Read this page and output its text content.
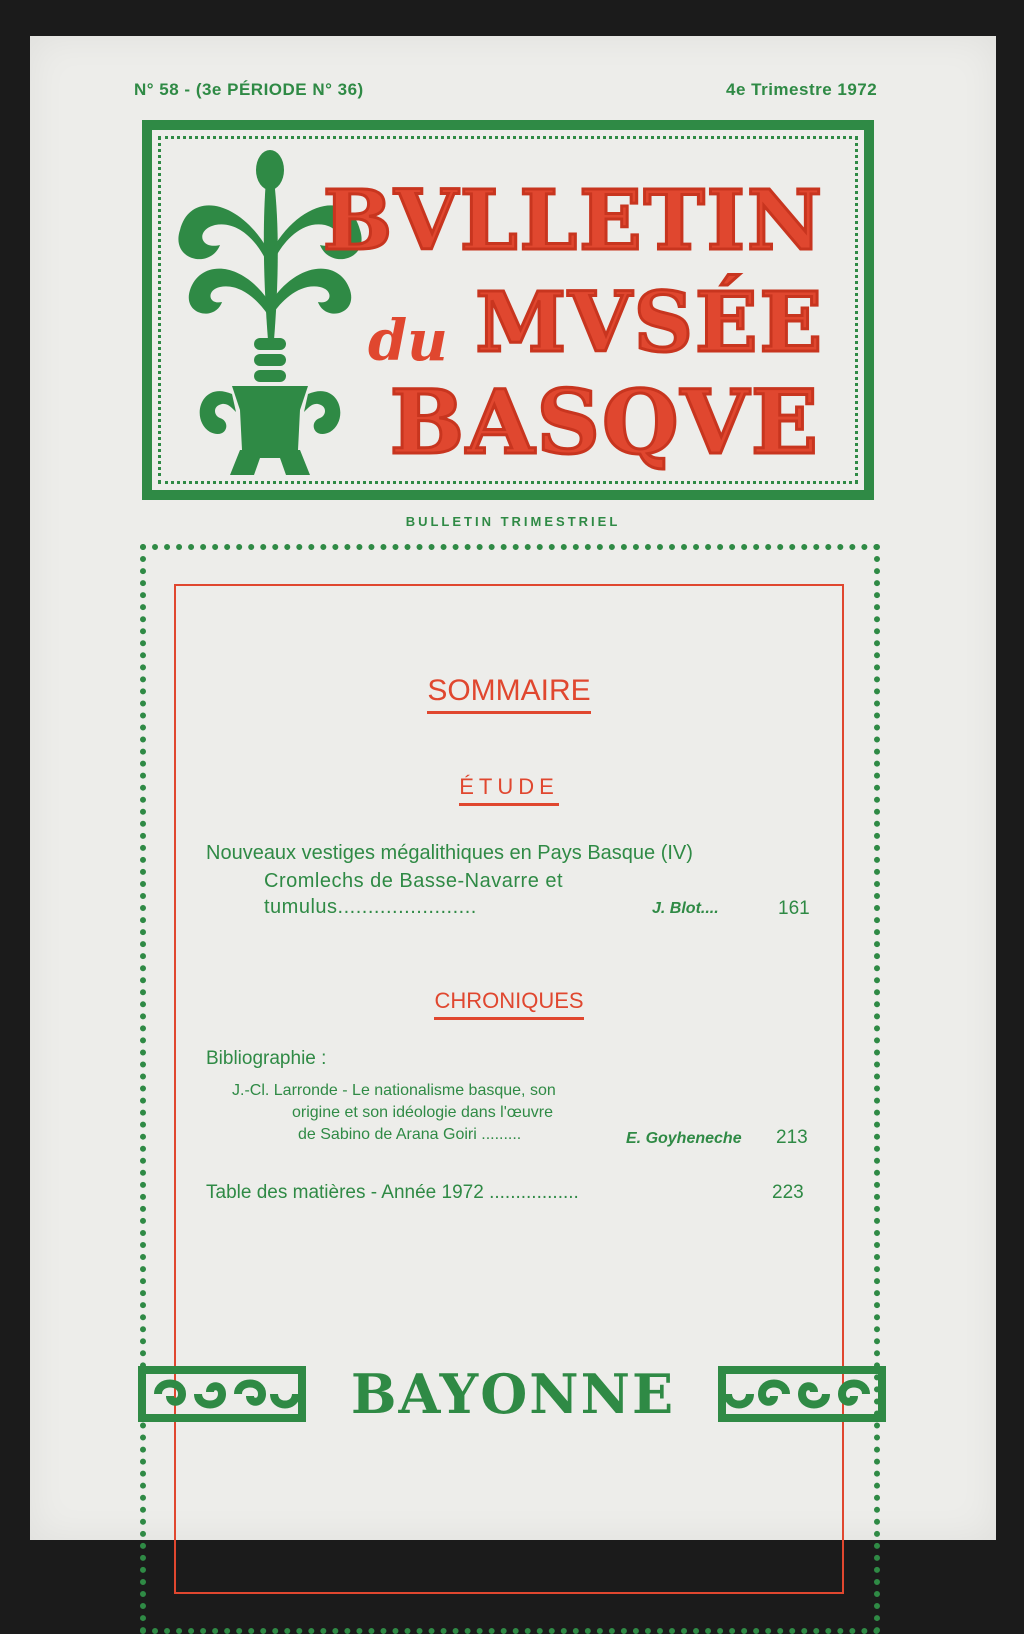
N° 58 - (3e PÉRIODE N° 36)	4e Trimestre 1972
BVLLETIN
du MVSÉE
BASQVE
BULLETIN TRIMESTRIEL
SOMMAIRE
ÉTUDE
Nouveaux vestiges mégalithiques en Pays Basque (IV)
Cromlechs de Basse-Navarre et
tumulus.......................	J. Blot....	161
CHRONIQUES
Bibliographie :
J.-Cl. Larronde - Le nationalisme basque, son
origine et son idéologie dans l'œuvre
de Sabino de Arana Goiri .........	E. Goyheneche 213
Table des matières - Année 1972 .................	223
BAYONNE
